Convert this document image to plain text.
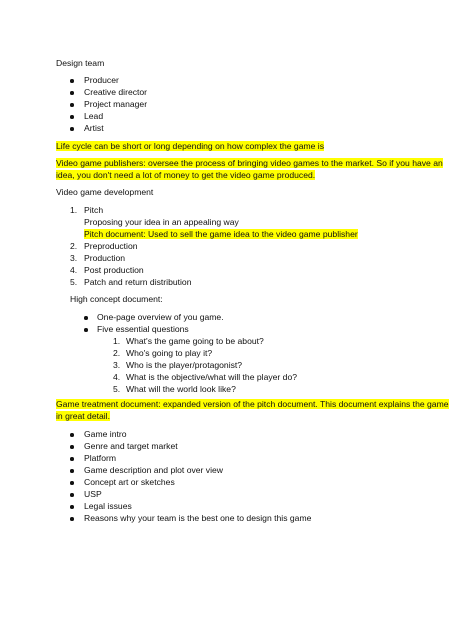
Design team
Producer
Creative director
Project manager
Lead
Artist
Life cycle can be short or long depending on how complex the game is
Video game publishers: oversee the process of bringing video games to the market. So if you have an
idea, you don't need a lot of money to get the video game produced.
Video game development
1. Pitch
Proposing your idea in an appealing way
Pitch document: Used to sell the game idea to the video game publisher
2. Preproduction
3. Production
4. Post production
5. Patch and return distribution
High concept document:
One-page overview of you game.
Five essential questions
1. What's the game going to be about?
2. Who's going to play it?
3. Who is the player/protagonist?
4. What is the objective/what will the player do?
5. What will the world look like?
Game treatment document: expanded version of the pitch document. This document explains the game
in great detail.
Game intro
Genre and target market
Platform
Game description and plot over view
Concept art or sketches
USP
Legal issues
Reasons why your team is the best one to design this game
